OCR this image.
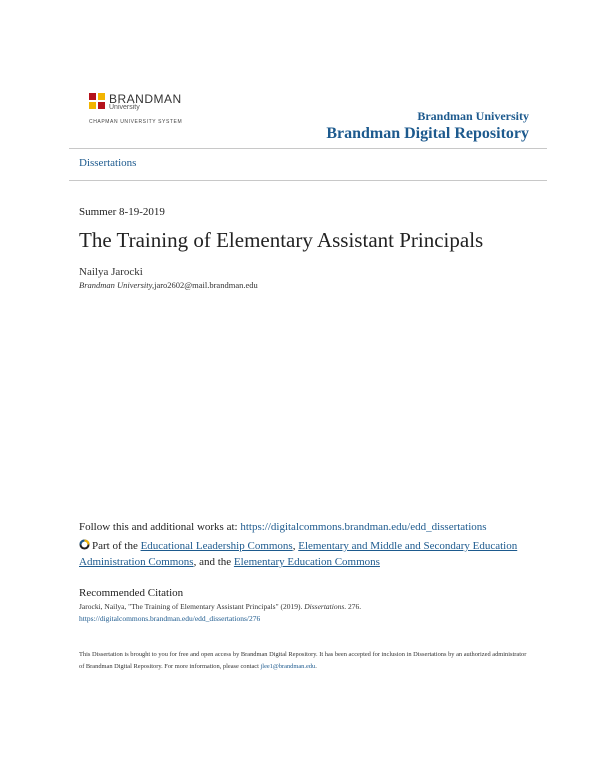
BRANDMAN
University
CHAPMAN UNIVERSITY SYSTEM	Brandman University
Brandman Digital Repository
Dissertations
Summer 8-19-2019
The Training of Elementary Assistant Principals
Nailya Jarocki
Brandman University,jaro2602@mail.brandman.edu
Follow this and additional works at: https://digitalcommons.brandman.edu/edd_dissertations
Part of the Educational Leadership Commons, Elementary and Middle and Secondary Education Administration Commons, and the Elementary Education Commons
Recommended Citation
Jarocki, Nailya, "The Training of Elementary Assistant Principals" (2019). Dissertations. 276.
https://digitalcommons.brandman.edu/edd_dissertations/276
This Dissertation is brought to you for free and open access by Brandman Digital Repository. It has been accepted for inclusion in Dissertations by an authorized administrator of Brandman Digital Repository. For more information, please contact jlee1@brandman.edu.
